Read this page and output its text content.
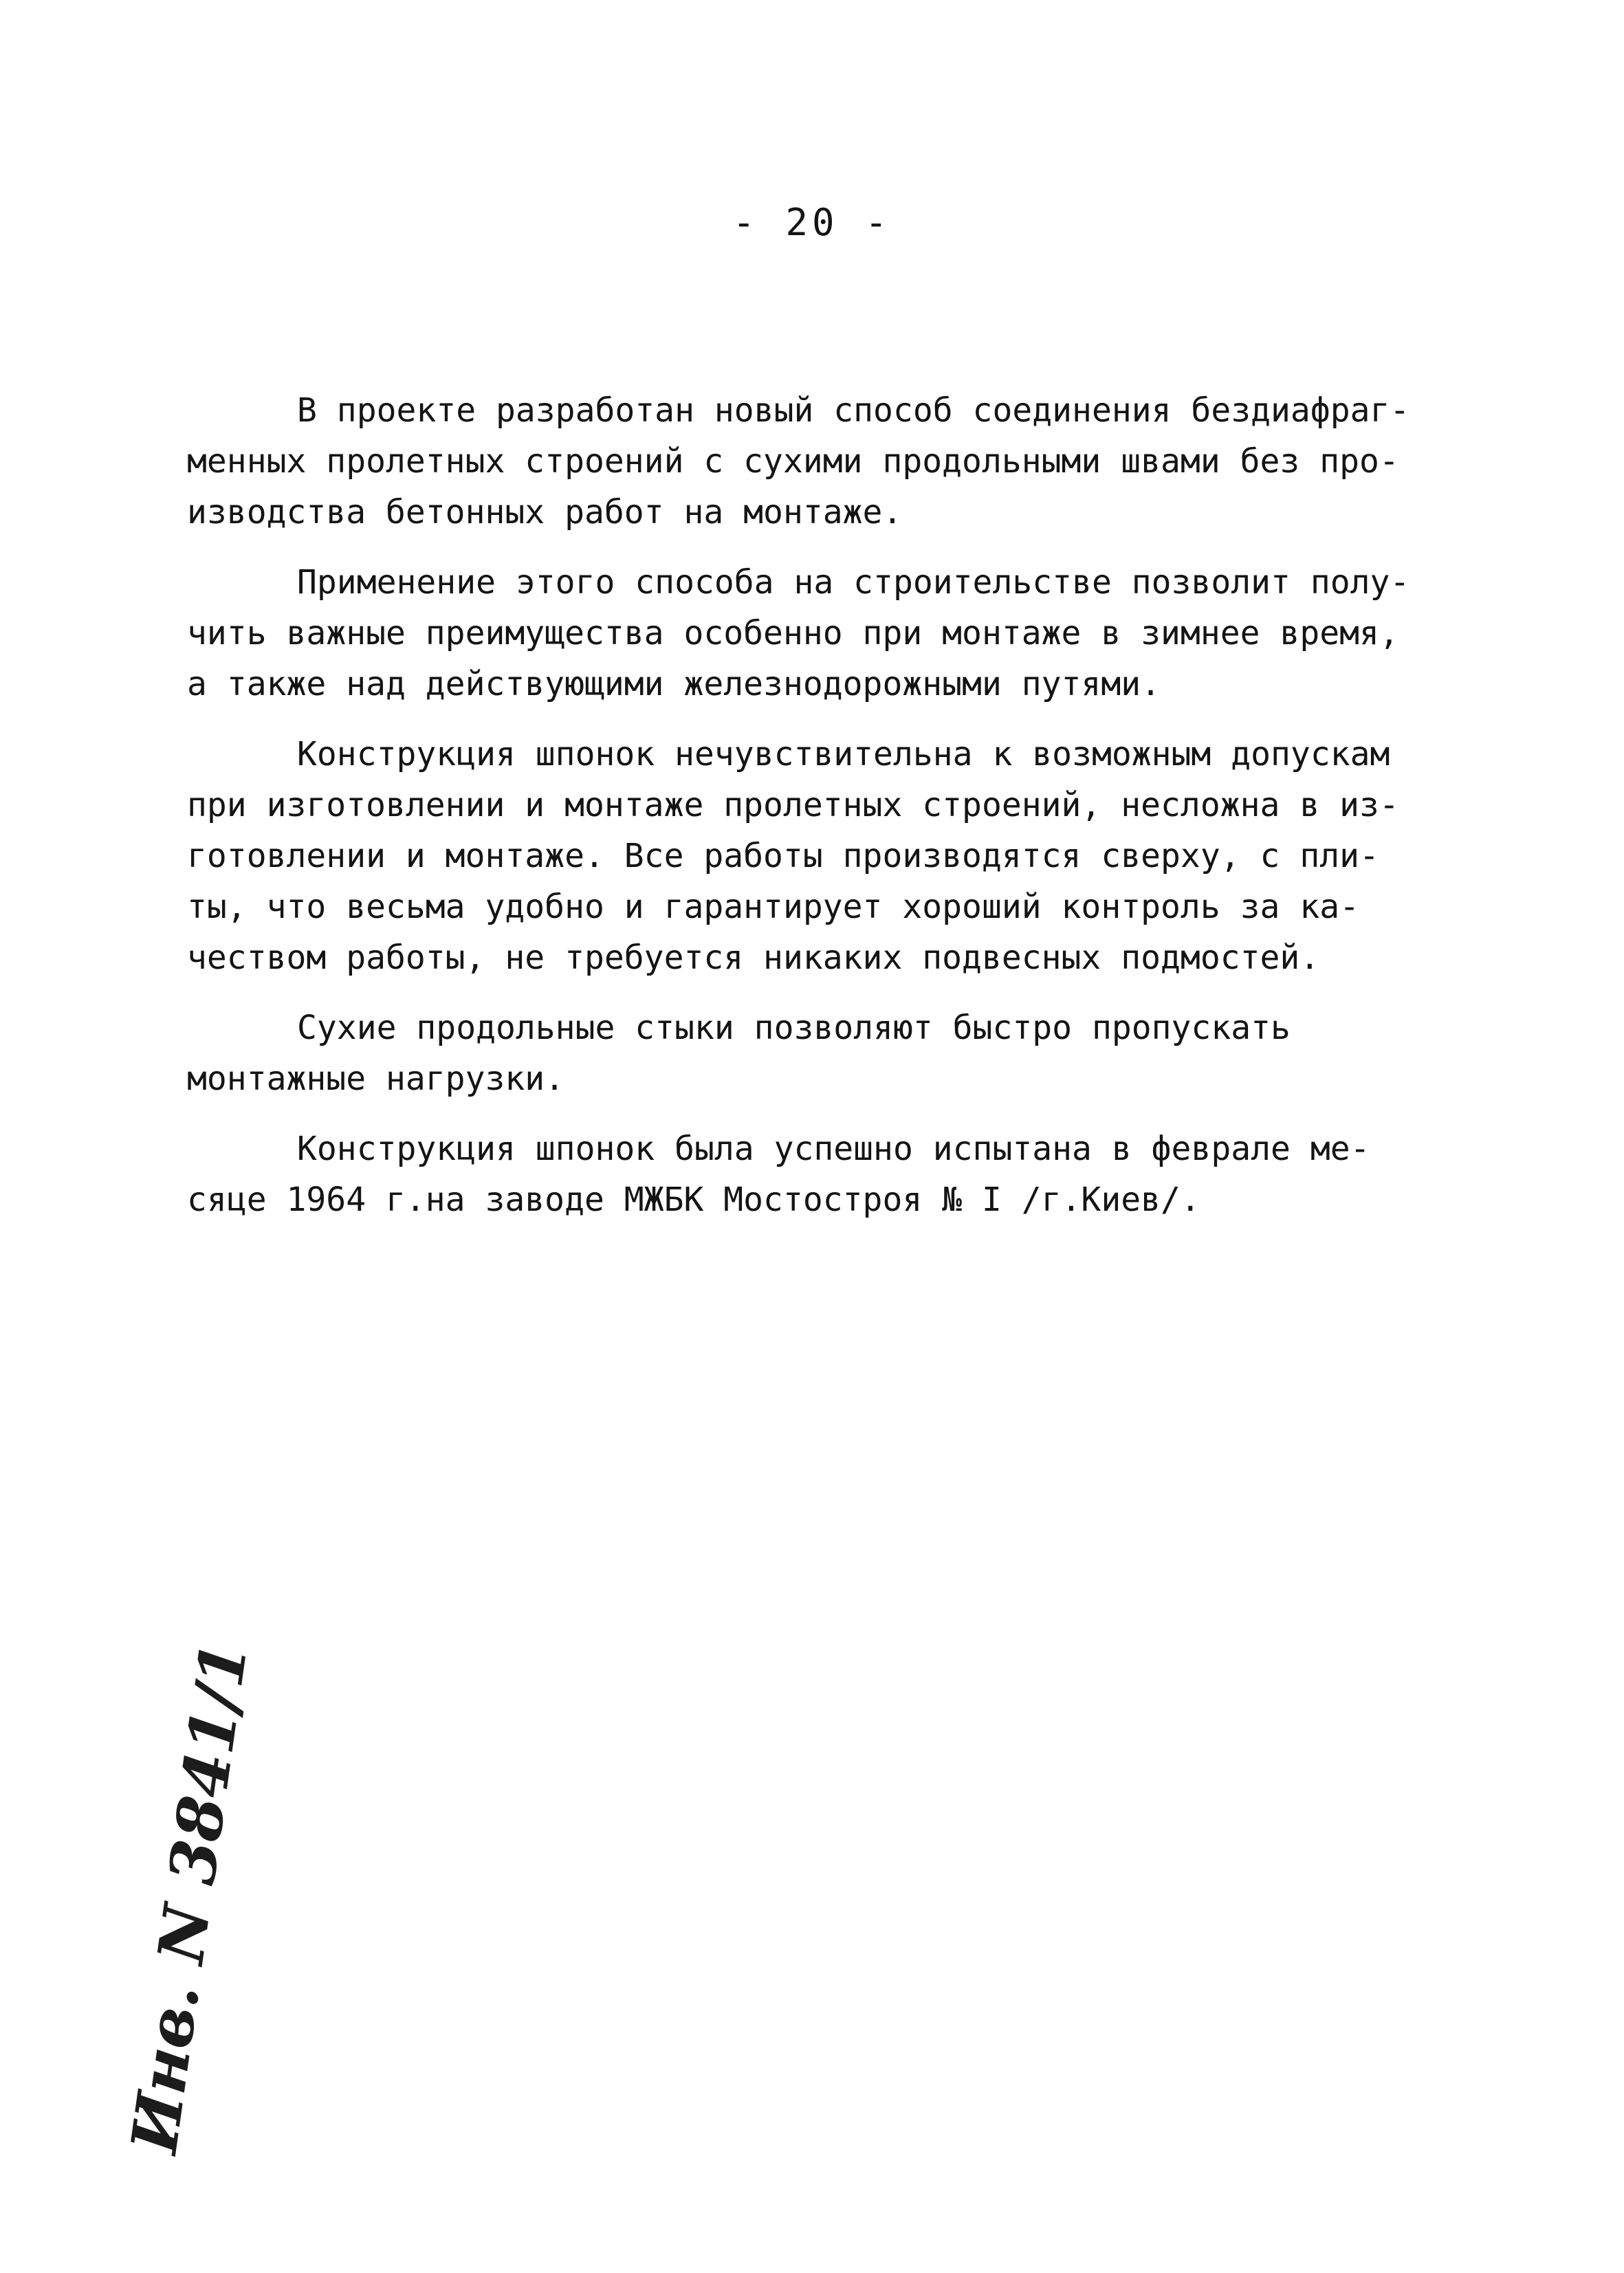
- 20 -

В проекте разработан новый способ соединения бездиафраг-
менных пролетных строений с сухими продольными швами без про-
изводства бетонных работ на монтаже.

Применение этого способа на строительстве позволит полу-
чить важные преимущества особенно при монтаже в зимнее время,
а также над действующими железнодорожными путями.

Конструкция шпонок нечувствительна к возможным допускам
при изготовлении и монтаже пролетных строений, несложна в из-
готовлении и монтаже. Все работы производятся сверху, с пли-
ты, что весьма удобно и гарантирует хороший контроль за ка-
чеством работы, не требуется никаких подвесных подмостей.

Сухие продольные стыки позволяют быстро пропускать
монтажные нагрузки.

Конструкция шпонок была успешно испытана в феврале ме-
сяце 1964 г.на заводе МЖБК Мостостроя № I /г.Киев/.

Инв. N 3841/1
